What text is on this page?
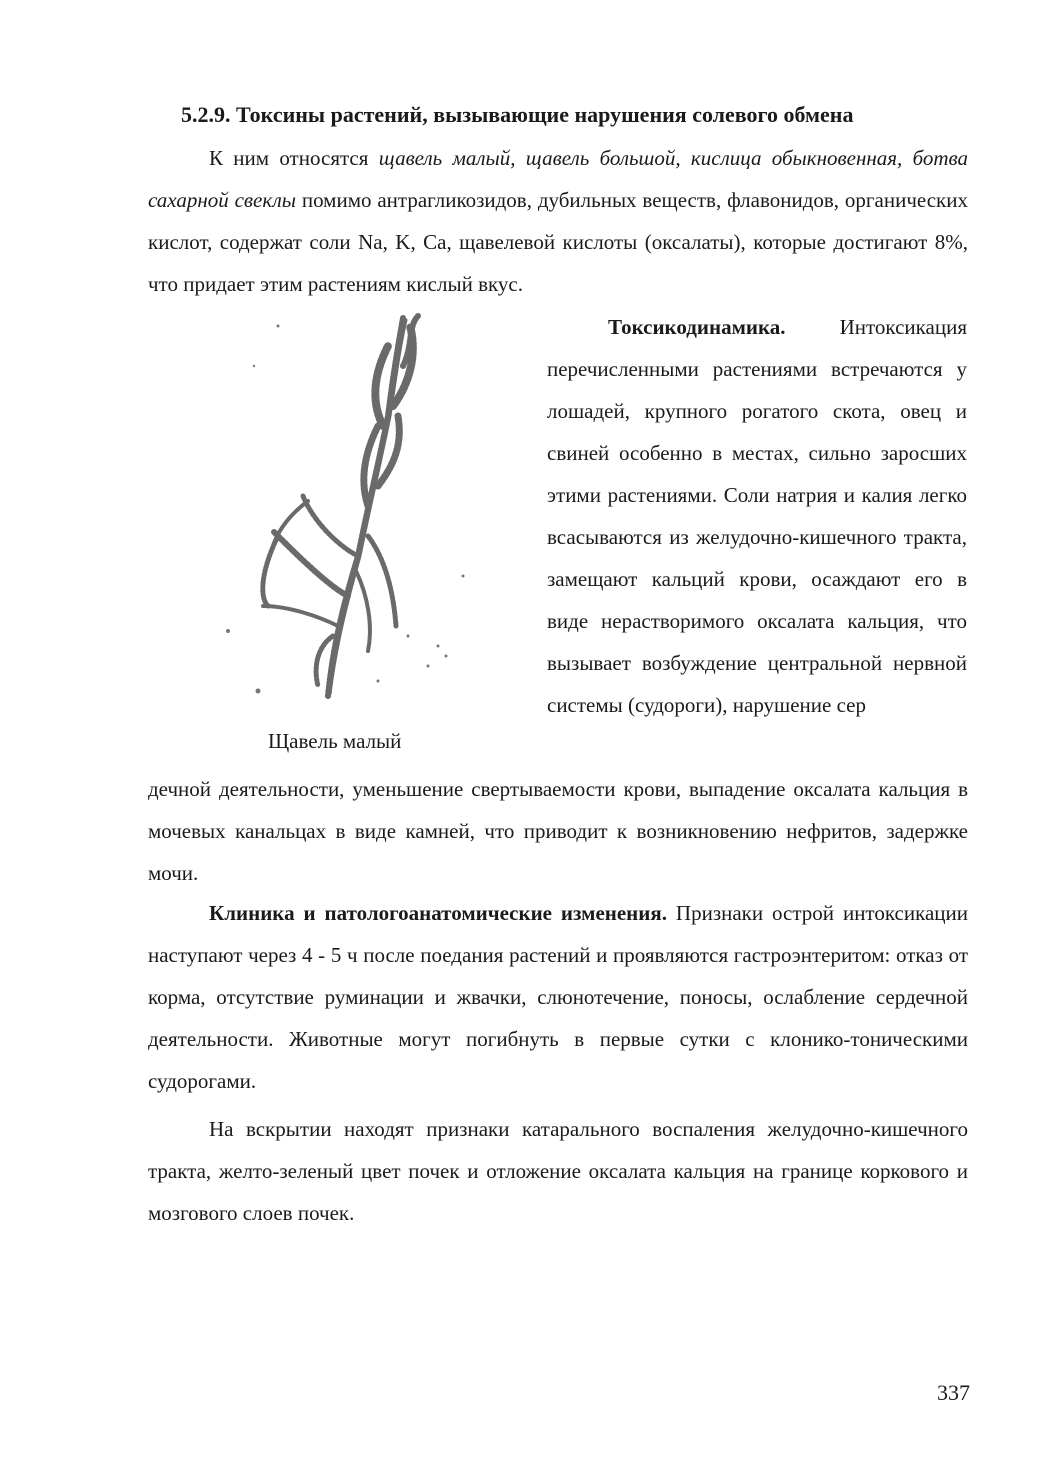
5.2.9. Токсины растений, вызывающие нарушения солевого обмена

К ним относятся щавель малый, щавель большой, кислица обыкновенная, ботва сахарной свеклы помимо антрагликозидов, дубильных веществ, флавонидов, органических кислот, содержат соли Na, K, Ca, щавелевой кислоты (оксалаты), которые достигают 8%, что придает этим растениям кислый вкус.

Щавель малый

Токсикодинамика. Интоксикация перечисленными растениями встречаются у лошадей, крупного рогатого скота, овец и свиней особенно в местах, сильно заросших этими растениями. Соли натрия и калия легко всасываются из желудочно-кишечного тракта, замещают кальций крови, осаждают его в виде нерастворимого оксалата кальция, что вызывает возбуждение центральной нервной системы (судороги), нарушение сер

дечной деятельности, уменьшение свертываемости крови, выпадение оксалата кальция в мочевых канальцах в виде камней, что приводит к возникновению нефритов, задержке мочи.

Клиника и патологоанатомические изменения. Признаки острой интоксикации наступают через 4 - 5 ч после поедания растений и проявляются гастроэнтеритом: отказ от корма, отсутствие руминации и жвачки, слюнотечение, поносы, ослабление сердечной деятельности. Животные могут погибнуть в первые сутки с клонико-тоническими судорогами.

На вскрытии находят признаки катарального воспаления желудочно-кишечного тракта, желто-зеленый цвет почек и отложение оксалата кальция на границе коркового и мозгового слоев почек.

337
